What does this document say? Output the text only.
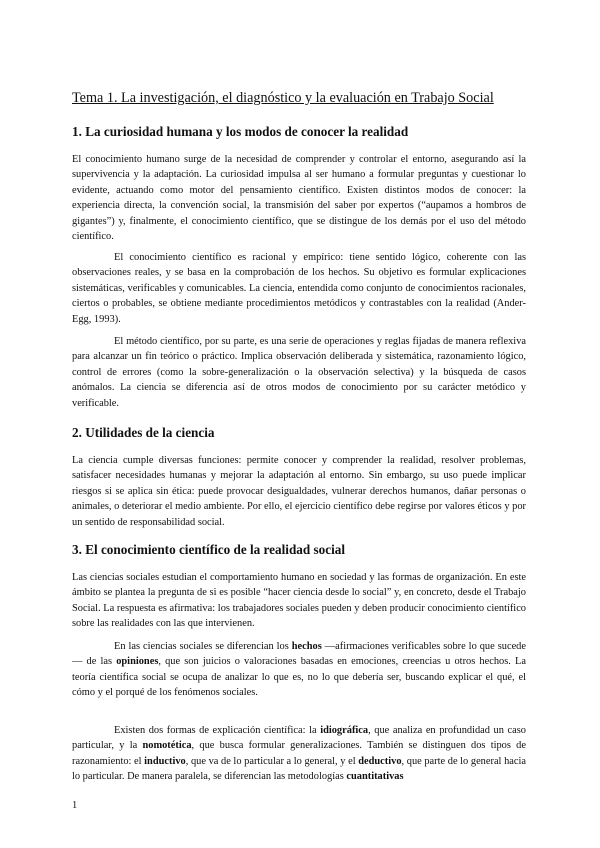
Tema 1. La investigación, el diagnóstico y la evaluación en Trabajo Social
1. La curiosidad humana y los modos de conocer la realidad

El conocimiento humano surge de la necesidad de comprender y controlar el entorno, asegurando así la supervivencia y la adaptación. La curiosidad impulsa al ser humano a formular preguntas y cuestionar lo evidente, actuando como motor del pensamiento científico. Existen distintos modos de conocer: la experiencia directa, la convención social, la transmisión del saber por expertos (“aupamos a hombros de gigantes”) y, finalmente, el conocimiento científico, que se distingue de los demás por el uso del método científico.

El conocimiento científico es racional y empírico: tiene sentido lógico, coherente con las observaciones reales, y se basa en la comprobación de los hechos. Su objetivo es formular explicaciones sistemáticas, verificables y comunicables. La ciencia, entendida como conjunto de conocimientos racionales, ciertos o probables, se obtiene mediante procedimientos metódicos y contrastables con la realidad (Ander-Egg, 1993).

El método científico, por su parte, es una serie de operaciones y reglas fijadas de manera reflexiva para alcanzar un fin teórico o práctico. Implica observación deliberada y sistemática, razonamiento lógico, control de errores (como la sobre-generalización o la observación selectiva) y la búsqueda de casos anómalos. La ciencia se diferencia así de otros modos de conocimiento por su carácter metódico y verificable.

2. Utilidades de la ciencia

La ciencia cumple diversas funciones: permite conocer y comprender la realidad, resolver problemas, satisfacer necesidades humanas y mejorar la adaptación al entorno. Sin embargo, su uso puede implicar riesgos si se aplica sin ética: puede provocar desigualdades, vulnerar derechos humanos, dañar personas o animales, o deteriorar el medio ambiente. Por ello, el ejercicio científico debe regirse por valores éticos y por un sentido de responsabilidad social.

3. El conocimiento científico de la realidad social

Las ciencias sociales estudian el comportamiento humano en sociedad y las formas de organización. En este ámbito se plantea la pregunta de si es posible “hacer ciencia desde lo social” y, en concreto, desde el Trabajo Social. La respuesta es afirmativa: los trabajadores sociales pueden y deben producir conocimiento científico sobre las realidades con las que intervienen.

En las ciencias sociales se diferencian los hechos —afirmaciones verificables sobre lo que sucede— de las opiniones, que son juicios o valoraciones basadas en emociones, creencias u otros hechos. La teoría científica social se ocupa de analizar lo que es, no lo que debería ser, buscando explicar el qué, el cómo y el porqué de los fenómenos sociales.

Existen dos formas de explicación científica: la idiográfica, que analiza en profundidad un caso particular, y la nomotética, que busca formular generalizaciones. También se distinguen dos tipos de razonamiento: el inductivo, que va de lo particular a lo general, y el deductivo, que parte de lo general hacia lo particular. De manera paralela, se diferencian las metodologías cuantitativas

1
